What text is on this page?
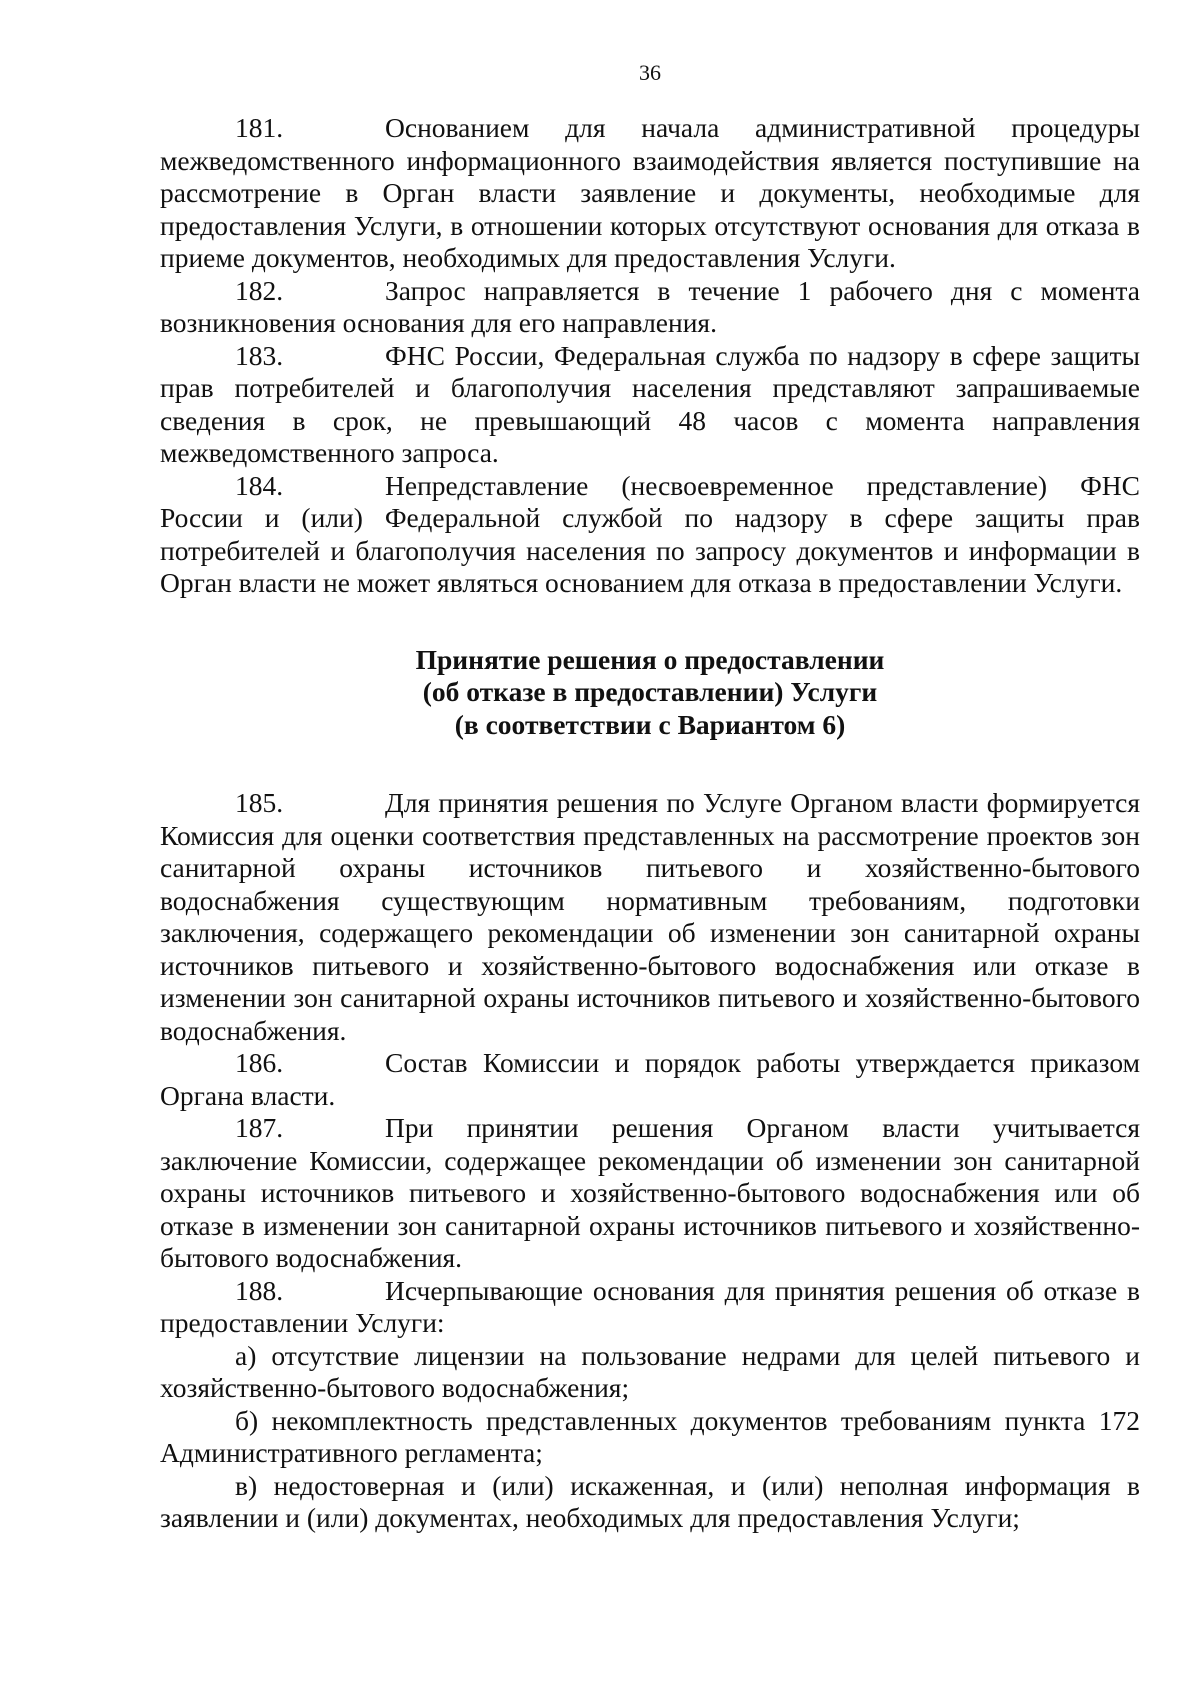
36

181.	Основанием для начала административной процедуры межведомственного информационного взаимодействия является поступившие на рассмотрение в Орган власти заявление и документы, необходимые для предоставления Услуги, в отношении которых отсутствуют основания для отказа в приеме документов, необходимых для предоставления Услуги.

182.	Запрос направляется в течение 1 рабочего дня с момента возникновения основания для его направления.

183.	ФНС России, Федеральная служба по надзору в сфере защиты прав потребителей и благополучия населения представляют запрашиваемые сведения в срок, не превышающий 48 часов с момента направления межведомственного запроса.

184.	Непредставление (несвоевременное представление) ФНС России и (или) Федеральной службой по надзору в сфере защиты прав потребителей и благополучия населения по запросу документов и информации в Орган власти не может являться основанием для отказа в предоставлении Услуги.

Принятие решения о предоставлении
(об отказе в предоставлении) Услуги
(в соответствии с Вариантом 6)

185.	Для принятия решения по Услуге Органом власти формируется Комиссия для оценки соответствия представленных на рассмотрение проектов зон санитарной охраны источников питьевого и хозяйственно-бытового водоснабжения существующим нормативным требованиям, подготовки заключения, содержащего рекомендации об изменении зон санитарной охраны источников питьевого и хозяйственно-бытового водоснабжения или отказе в изменении зон санитарной охраны источников питьевого и хозяйственно-бытового водоснабжения.

186.	Состав Комиссии и порядок работы утверждается приказом Органа власти.

187.	При принятии решения Органом власти учитывается заключение Комиссии, содержащее рекомендации об изменении зон санитарной охраны источников питьевого и хозяйственно-бытового водоснабжения или об отказе в изменении зон санитарной охраны источников питьевого и хозяйственно-бытового водоснабжения.

188.	Исчерпывающие основания для принятия решения об отказе в предоставлении Услуги:

а) отсутствие лицензии на пользование недрами для целей питьевого и хозяйственно-бытового водоснабжения;

б) некомплектность представленных документов требованиям пункта 172 Административного регламента;

в) недостоверная и (или) искаженная, и (или) неполная информация в заявлении и (или) документах, необходимых для предоставления Услуги;
